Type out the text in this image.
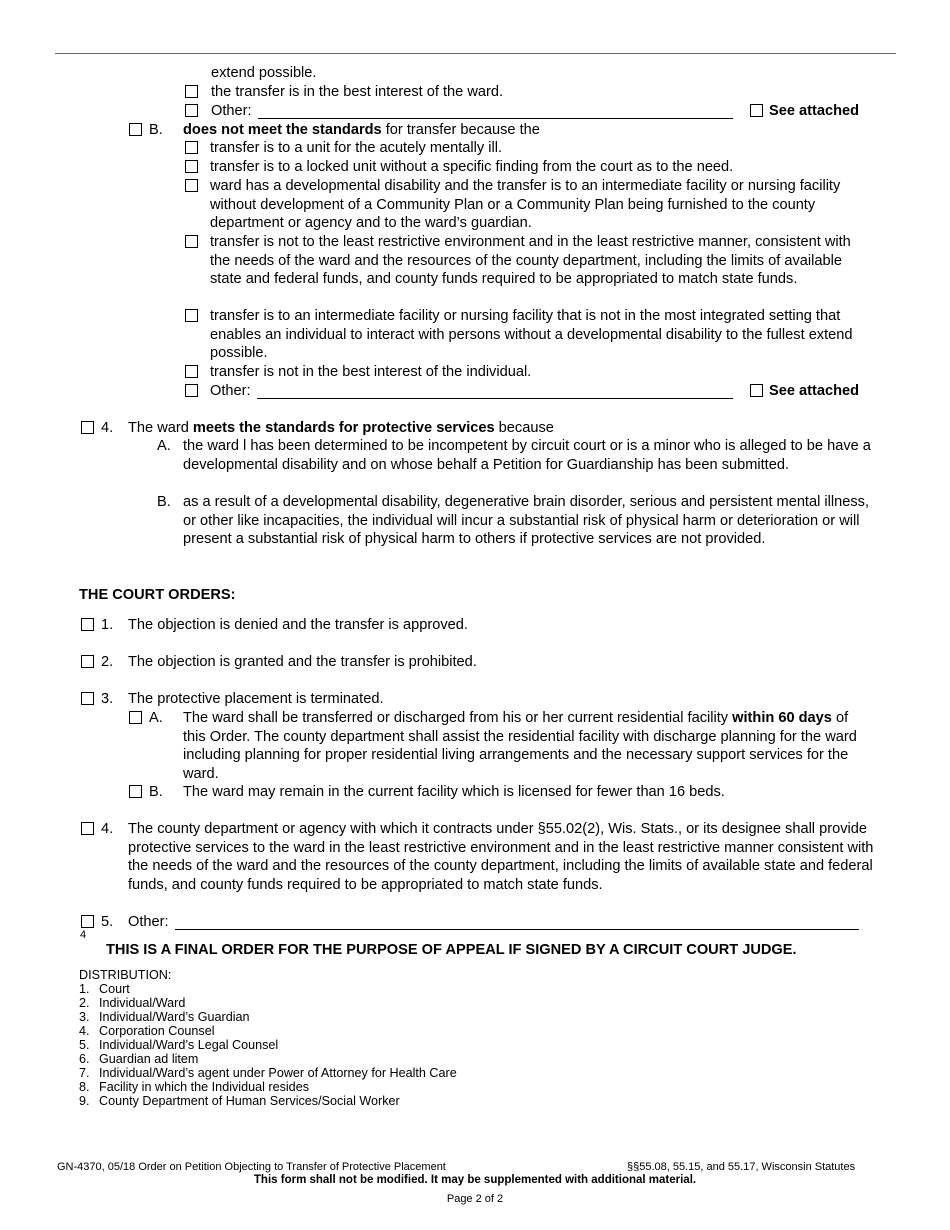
extend possible.
the transfer is in the best interest of the ward.
Other:	See attached
B. does not meet the standards for transfer because the
transfer is to a unit for the acutely mentally ill.
transfer is to a locked unit without a specific finding from the court as to the need.
ward has a developmental disability and the transfer is to an intermediate facility or nursing facility without development of a Community Plan or a Community Plan being furnished to the county department or agency and to the ward’s guardian.
transfer is not to the least restrictive environment and in the least restrictive manner, consistent with the needs of the ward and the resources of the county department, including the limits of available state and federal funds, and county funds required to be appropriated to match state funds.
transfer is to an intermediate facility or nursing facility that is not in the most integrated setting that enables an individual to interact with persons without a developmental disability to the fullest extend possible.
transfer is not in the best interest of the individual.
Other:	See attached
4. The ward meets the standards for protective services because
A. the ward l has been determined to be incompetent by circuit court or is a minor who is alleged to be have a developmental disability and on whose behalf a Petition for Guardianship has been submitted.
B. as a result of a developmental disability, degenerative brain disorder, serious and persistent mental illness, or other like incapacities, the individual will incur a substantial risk of physical harm or deterioration or will present a substantial risk of physical harm to others if protective services are not provided.
THE COURT ORDERS:
1. The objection is denied and the transfer is approved.
2. The objection is granted and the transfer is prohibited.
3. The protective placement is terminated.
A. The ward shall be transferred or discharged from his or her current residential facility within 60 days of this Order. The county department shall assist the residential facility with discharge planning for the ward including planning for proper residential living arrangements and the necessary support services for the ward.
B. The ward may remain in the current facility which is licensed for fewer than 16 beds.
4. The county department or agency with which it contracts under §55.02(2), Wis. Stats., or its designee shall provide protective services to the ward in the least restrictive environment and in the least restrictive manner consistent with the needs of the ward and the resources of the county department, including the limits of available state and federal funds, and county funds required to be appropriated to match state funds.
5. Other:
4
THIS IS A FINAL ORDER FOR THE PURPOSE OF APPEAL IF SIGNED BY A CIRCUIT COURT JUDGE.
DISTRIBUTION:
1. Court
2. Individual/Ward
3. Individual/Ward’s Guardian
4. Corporation Counsel
5. Individual/Ward’s Legal Counsel
6. Guardian ad litem
7. Individual/Ward’s agent under Power of Attorney for Health Care
8. Facility in which the Individual resides
9. County Department of Human Services/Social Worker
GN-4370, 05/18 Order on Petition Objecting to Transfer of Protective Placement	§§55.08, 55.15, and 55.17, Wisconsin Statutes
This form shall not be modified. It may be supplemented with additional material.
Page 2 of 2
